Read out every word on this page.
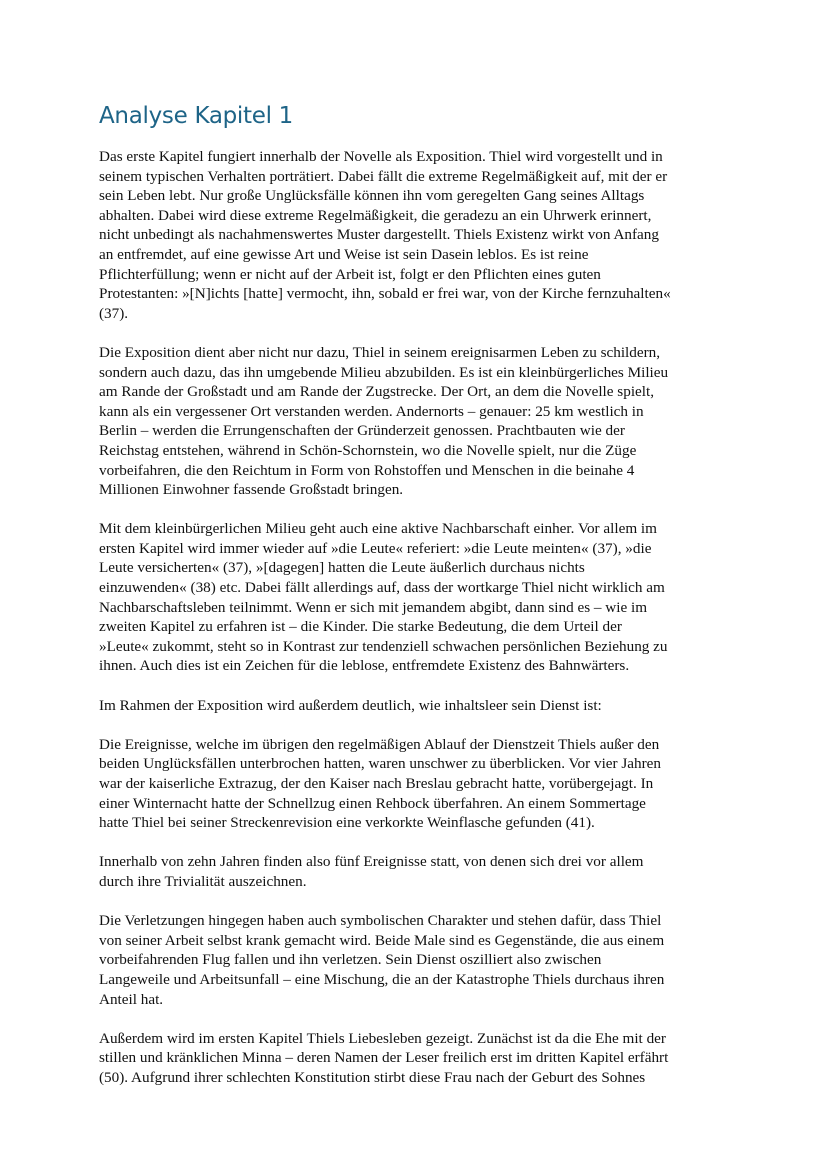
Analyse Kapitel 1

Das erste Kapitel fungiert innerhalb der Novelle als Exposition. Thiel wird vorgestellt und in
seinem typischen Verhalten porträtiert. Dabei fällt die extreme Regelmäßigkeit auf, mit der er
sein Leben lebt. Nur große Unglücksfälle können ihn vom geregelten Gang seines Alltags
abhalten. Dabei wird diese extreme Regelmäßigkeit, die geradezu an ein Uhrwerk erinnert,
nicht unbedingt als nachahmenswertes Muster dargestellt. Thiels Existenz wirkt von Anfang
an entfremdet, auf eine gewisse Art und Weise ist sein Dasein leblos. Es ist reine
Pflichterfüllung; wenn er nicht auf der Arbeit ist, folgt er den Pflichten eines guten
Protestanten: »[N]ichts [hatte] vermocht, ihn, sobald er frei war, von der Kirche fernzuhalten«
(37).

Die Exposition dient aber nicht nur dazu, Thiel in seinem ereignisarmen Leben zu schildern,
sondern auch dazu, das ihn umgebende Milieu abzubilden. Es ist ein kleinbürgerliches Milieu
am Rande der Großstadt und am Rande der Zugstrecke. Der Ort, an dem die Novelle spielt,
kann als ein vergessener Ort verstanden werden. Andernorts – genauer: 25 km westlich in
Berlin – werden die Errungenschaften der Gründerzeit genossen. Prachtbauten wie der
Reichstag entstehen, während in Schön-Schornstein, wo die Novelle spielt, nur die Züge
vorbeifahren, die den Reichtum in Form von Rohstoffen und Menschen in die beinahe 4
Millionen Einwohner fassende Großstadt bringen.

Mit dem kleinbürgerlichen Milieu geht auch eine aktive Nachbarschaft einher. Vor allem im
ersten Kapitel wird immer wieder auf »die Leute« referiert: »die Leute meinten« (37), »die
Leute versicherten« (37), »[dagegen] hatten die Leute äußerlich durchaus nichts
einzuwenden« (38) etc. Dabei fällt allerdings auf, dass der wortkarge Thiel nicht wirklich am
Nachbarschaftsleben teilnimmt. Wenn er sich mit jemandem abgibt, dann sind es – wie im
zweiten Kapitel zu erfahren ist – die Kinder. Die starke Bedeutung, die dem Urteil der
»Leute« zukommt, steht so in Kontrast zur tendenziell schwachen persönlichen Beziehung zu
ihnen. Auch dies ist ein Zeichen für die leblose, entfremdete Existenz des Bahnwärters.

Im Rahmen der Exposition wird außerdem deutlich, wie inhaltsleer sein Dienst ist:

Die Ereignisse, welche im übrigen den regelmäßigen Ablauf der Dienstzeit Thiels außer den
beiden Unglücksfällen unterbrochen hatten, waren unschwer zu überblicken. Vor vier Jahren
war der kaiserliche Extrazug, der den Kaiser nach Breslau gebracht hatte, vorübergejagt. In
einer Winternacht hatte der Schnellzug einen Rehbock überfahren. An einem Sommertage
hatte Thiel bei seiner Streckenrevision eine verkorkte Weinflasche gefunden (41).

Innerhalb von zehn Jahren finden also fünf Ereignisse statt, von denen sich drei vor allem
durch ihre Trivialität auszeichnen.

Die Verletzungen hingegen haben auch symbolischen Charakter und stehen dafür, dass Thiel
von seiner Arbeit selbst krank gemacht wird. Beide Male sind es Gegenstände, die aus einem
vorbeifahrenden Flug fallen und ihn verletzen. Sein Dienst oszilliert also zwischen
Langeweile und Arbeitsunfall – eine Mischung, die an der Katastrophe Thiels durchaus ihren
Anteil hat.

Außerdem wird im ersten Kapitel Thiels Liebesleben gezeigt. Zunächst ist da die Ehe mit der
stillen und kränklichen Minna – deren Namen der Leser freilich erst im dritten Kapitel erfährt
(50). Aufgrund ihrer schlechten Konstitution stirbt diese Frau nach der Geburt des Sohnes
